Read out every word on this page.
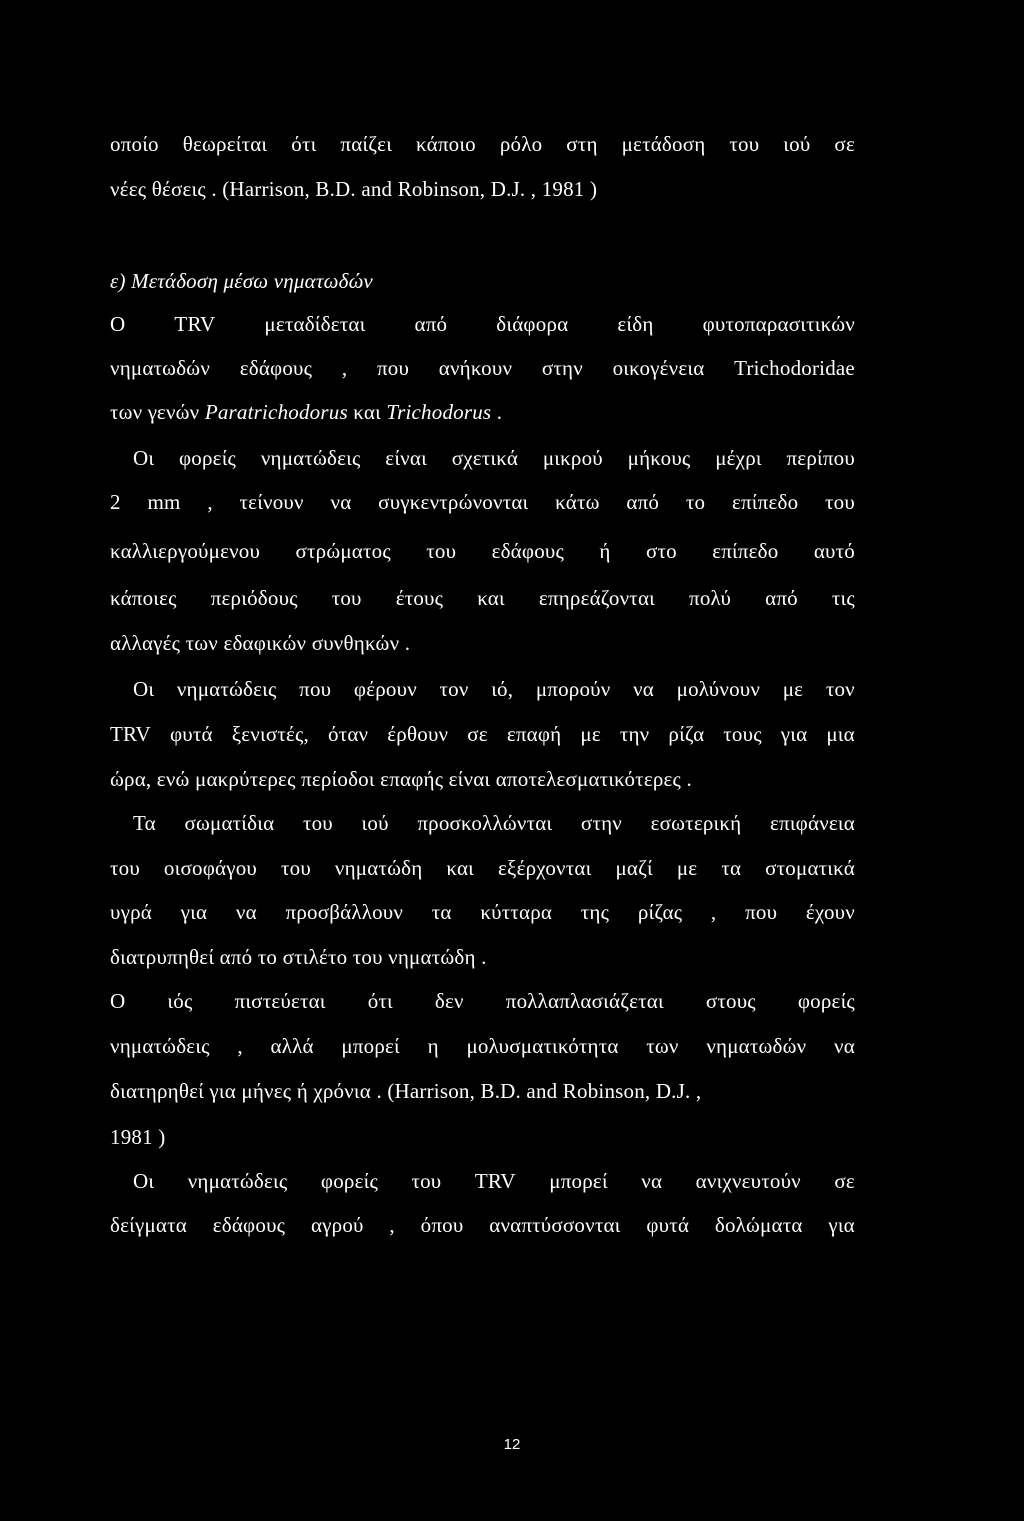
οποίο θεωρείται ότι παίζει κάποιο ρόλο στη μετάδοση του ιού σε
νέες θέσεις . (Harrison, B.D. and Robinson, D.J. , 1981 )
ε) Μετάδοση μέσω νηματωδών
Ο TRV μεταδίδεται από διάφορα είδη φυτοπαρασιτικών
νηματωδών εδάφους , που ανήκουν στην οικογένεια Trichodoridae
των γενών Paratrichodorus και Trichodorus .
Οι φορείς νηματώδεις είναι σχετικά μικρού μήκους μέχρι περίπου
2 mm , τείνουν να συγκεντρώνονται κάτω από το επίπεδο του
καλλιεργούμενου στρώματος του εδάφους ή στο επίπεδο αυτό
κάποιες περιόδους του έτους και επηρεάζονται πολύ από τις
αλλαγές των εδαφικών συνθηκών .
Οι νηματώδεις που φέρουν τον ιό, μπορούν να μολύνουν με τον
TRV φυτά ξενιστές, όταν έρθουν σε επαφή με την ρίζα τους για μια
ώρα, ενώ μακρύτερες περίοδοι επαφής είναι αποτελεσματικότερες .
Τα σωματίδια του ιού προσκολλώνται στην εσωτερική επιφάνεια
του οισοφάγου του νηματώδη και εξέρχονται μαζί με τα στοματικά
υγρά για να προσβάλλουν τα κύτταρα της ρίζας , που έχουν
διατρυπηθεί από το στιλέτο του νηματώδη .
Ο ιός πιστεύεται ότι δεν πολλαπλασιάζεται στους φορείς
νηματώδεις , αλλά μπορεί η μολυσματικότητα των νηματωδών να
διατηρηθεί για μήνες ή χρόνια . (Harrison, B.D. and Robinson, D.J. ,
1981 )
Οι νηματώδεις φορείς του TRV μπορεί να ανιχνευτούν σε
δείγματα εδάφους αγρού , όπου αναπτύσσονται φυτά δολώματα για
12
